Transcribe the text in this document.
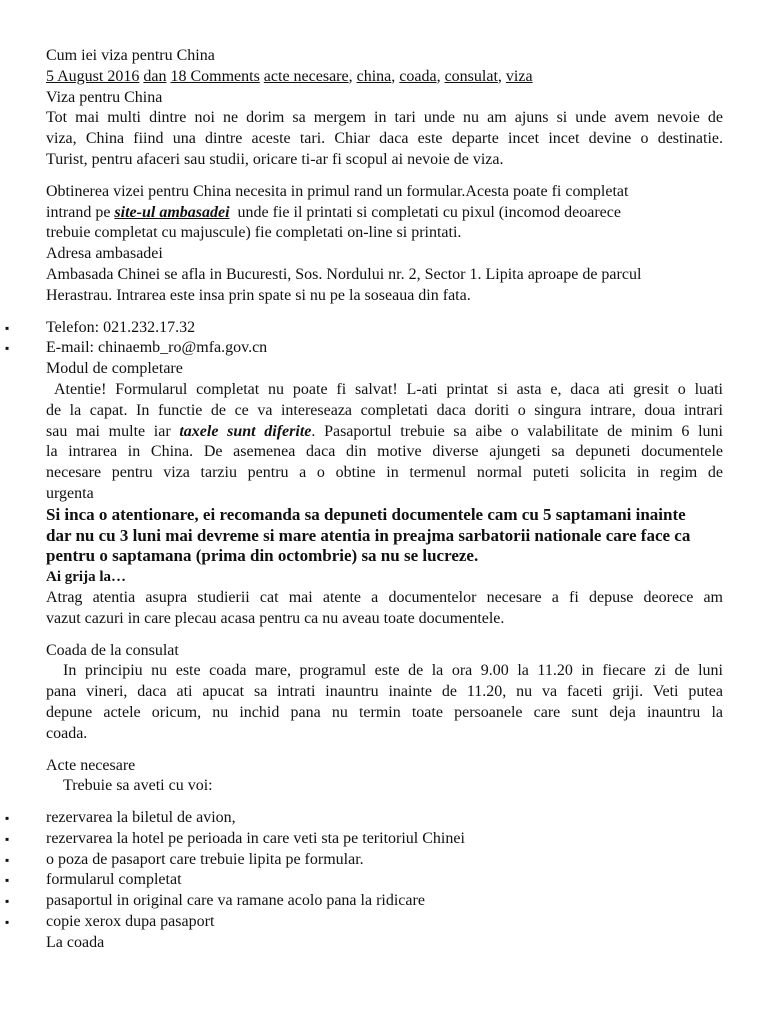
Cum iei viza pentru China
5 August 2016 dan 18 Comments acte necesare, china, coada, consulat, viza
Viza pentru China
Tot mai multi dintre noi ne dorim sa mergem in tari unde nu am ajuns si unde avem nevoie de
viza, China fiind una dintre aceste tari. Chiar daca este departe incet incet devine o destinatie.
Turist, pentru afaceri sau studii, oricare ti-ar fi scopul ai nevoie de viza.
Obtinerea vizei pentru China necesita in primul rand un formular.Acesta poate fi completat
intrand pe site-ul ambasadei  unde fie il printati si completati cu pixul (incomod deoarece
trebuie completat cu majuscule) fie completati on-line si printati.
Adresa ambasadei
Ambasada Chinei se afla in Bucuresti, Sos. Nordului nr. 2, Sector 1. Lipita aproape de parcul
Herastrau. Intrarea este insa prin spate si nu pe la soseaua din fata.
▪ Telefon: 021.232.17.32
▪ E-mail: chinaemb_ro@mfa.gov.cn
Modul de completare
Atentie! Formularul completat nu poate fi salvat! L-ati printat si asta e, daca ati gresit o luati
de la capat. In functie de ce va intereseaza completati daca doriti o singura intrare, doua intrari
sau mai multe iar taxele sunt diferite. Pasaportul trebuie sa aibe o valabilitate de minim 6 luni
la intrarea in China. De asemenea daca din motive diverse ajungeti sa depuneti documentele
necesare pentru viza tarziu pentru a o obtine in termenul normal puteti solicita in regim de
urgenta
Si inca o atentionare, ei recomanda sa depuneti documentele cam cu 5 saptamani inainte
dar nu cu 3 luni mai devreme si mare atentia in preajma sarbatorii nationale care face ca
pentru o saptamana (prima din octombrie) sa nu se lucreze.
Ai grija la…
Atrag atentia asupra studierii cat mai atente a documentelor necesare a fi depuse deorece am
vazut cazuri in care plecau acasa pentru ca nu aveau toate documentele.
Coada de la consulat
In principiu nu este coada mare, programul este de la ora 9.00 la 11.20 in fiecare zi de luni
pana vineri, daca ati apucat sa intrati inauntru inainte de 11.20, nu va faceti griji. Veti putea
depune actele oricum, nu inchid pana nu termin toate persoanele care sunt deja inauntru la
coada.
Acte necesare
Trebuie sa aveti cu voi:
▪ rezervarea la biletul de avion,
▪ rezervarea la hotel pe perioada in care veti sta pe teritoriul Chinei
▪ o poza de pasaport care trebuie lipita pe formular.
▪ formularul completat
▪ pasaportul in original care va ramane acolo pana la ridicare
▪ copie xerox dupa pasaport
La coada
